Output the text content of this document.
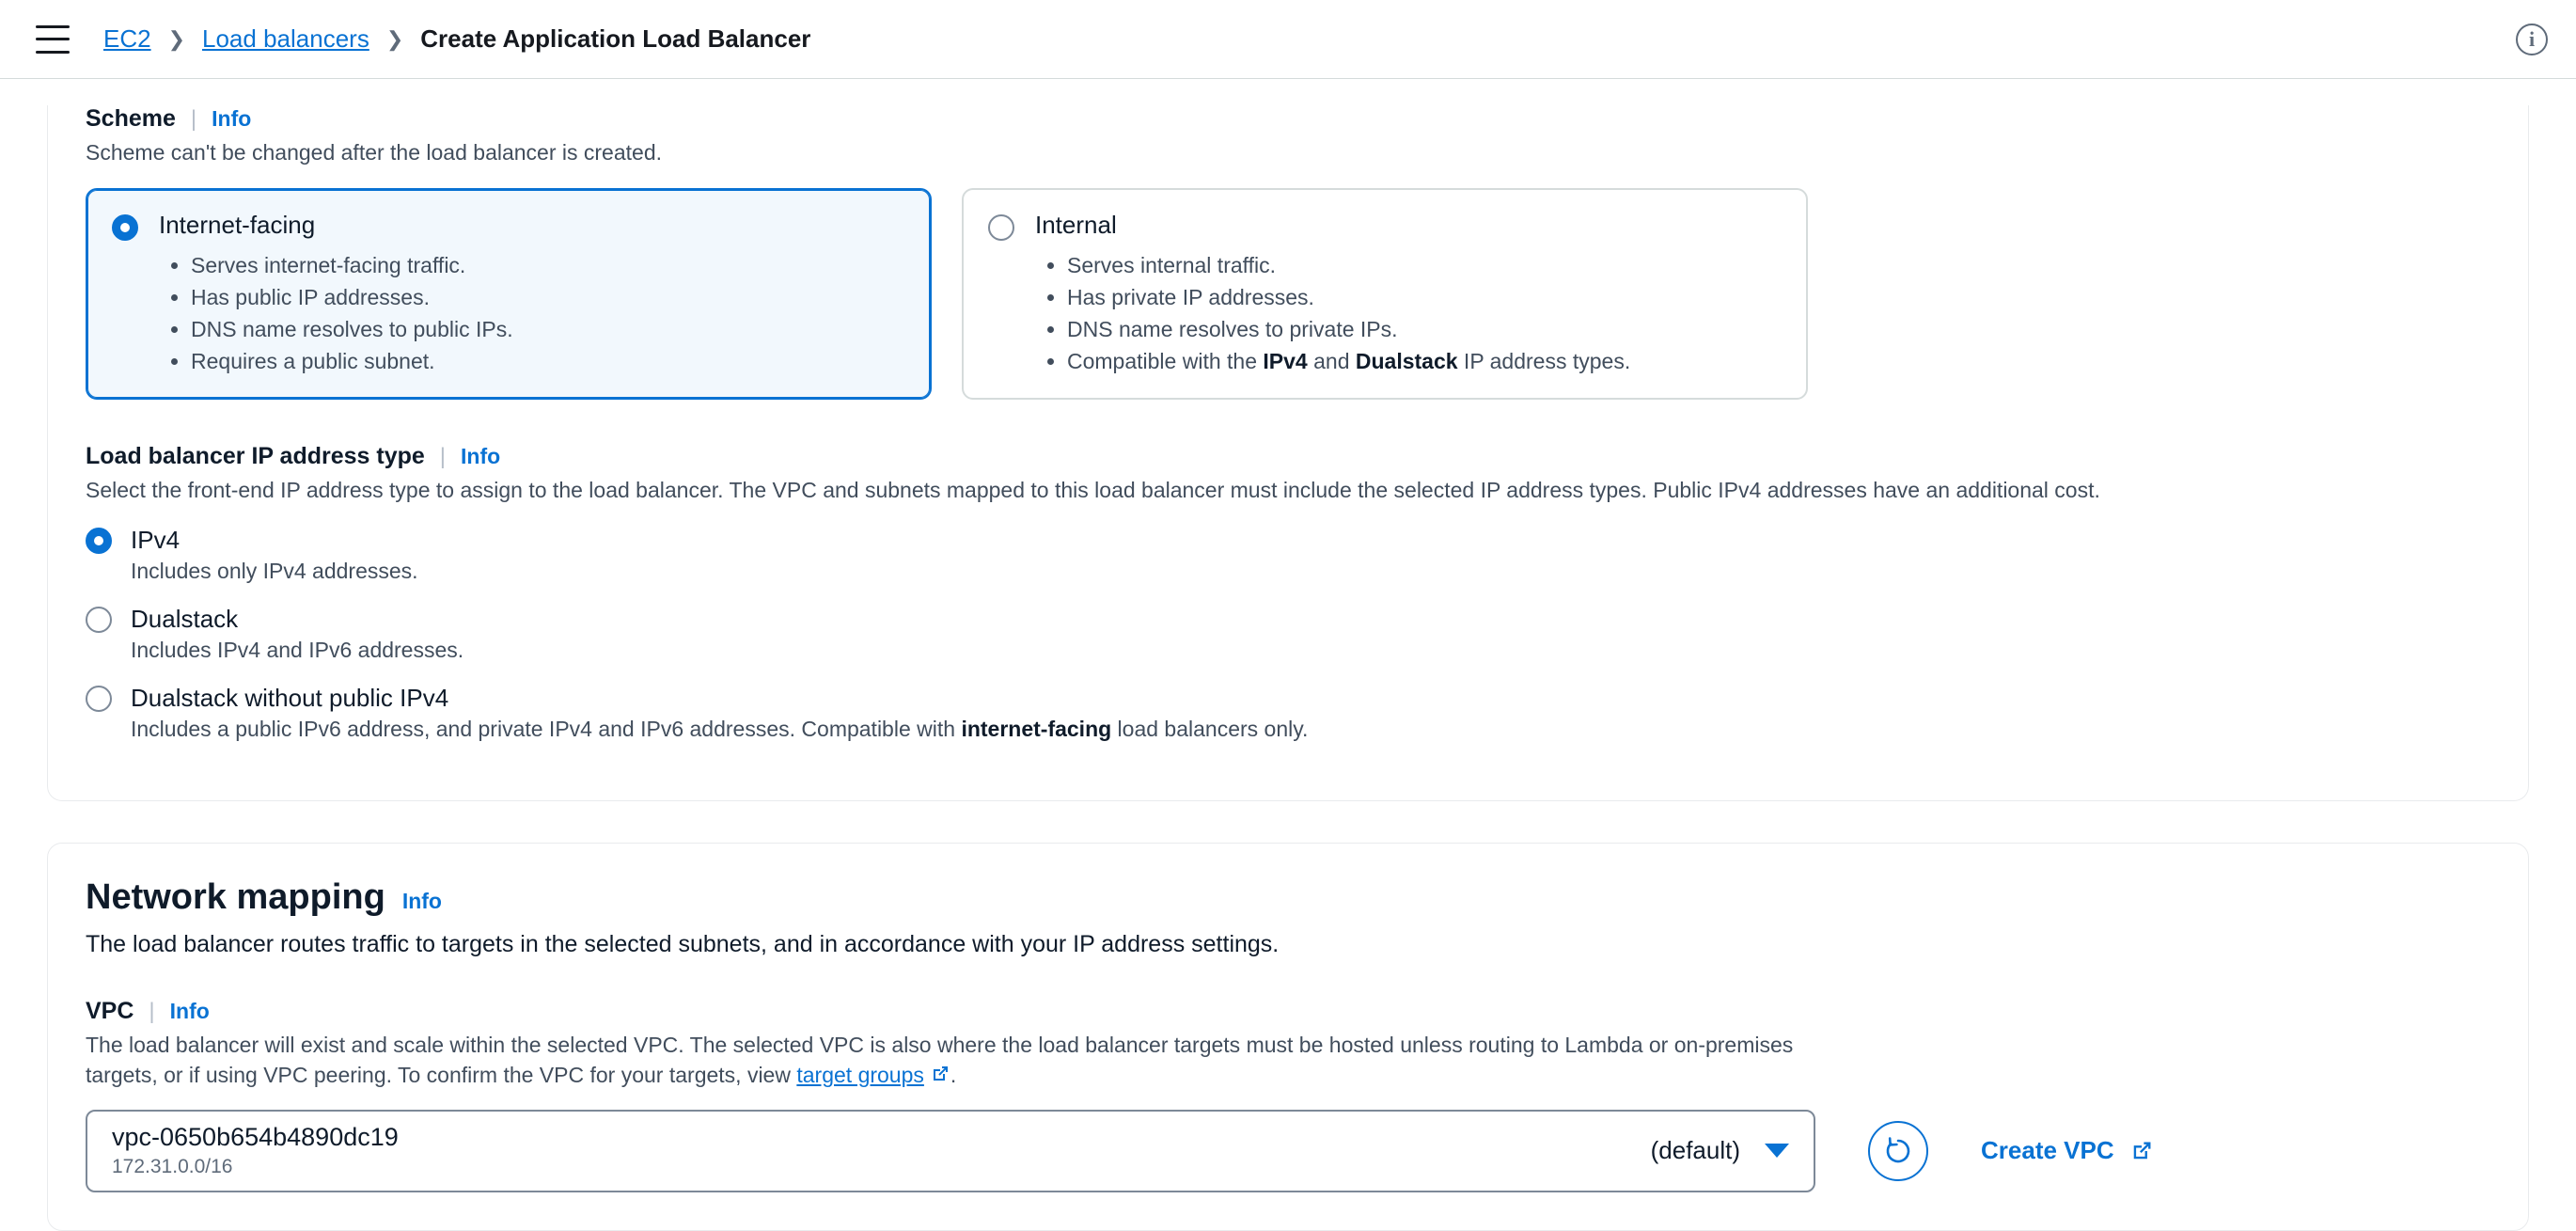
EC2 ❯ Load balancers ❯ Create Application Load Balancer	i
Scheme | Info
Scheme can't be changed after the load balancer is created.
Internet-facing
• Serves internet-facing traffic.
• Has public IP addresses.
• DNS name resolves to public IPs.
• Requires a public subnet.
Internal
• Serves internal traffic.
• Has private IP addresses.
• DNS name resolves to private IPs.
• Compatible with the IPv4 and Dualstack IP address types.
Load balancer IP address type | Info
Select the front-end IP address type to assign to the load balancer. The VPC and subnets mapped to this load balancer must include the selected IP address types. Public IPv4 addresses have an additional cost.
IPv4
Includes only IPv4 addresses.
Dualstack
Includes IPv4 and IPv6 addresses.
Dualstack without public IPv4
Includes a public IPv6 address, and private IPv4 and IPv6 addresses. Compatible with internet-facing load balancers only.
Network mapping Info
The load balancer routes traffic to targets in the selected subnets, and in accordance with your IP address settings.
VPC | Info
The load balancer will exist and scale within the selected VPC. The selected VPC is also where the load balancer targets must be hosted unless routing to Lambda or on-premises targets, or if using VPC peering. To confirm the VPC for your targets, view target groups .
vpc-0650b654b4890dc19
172.31.0.0/16
(default)	Create VPC
